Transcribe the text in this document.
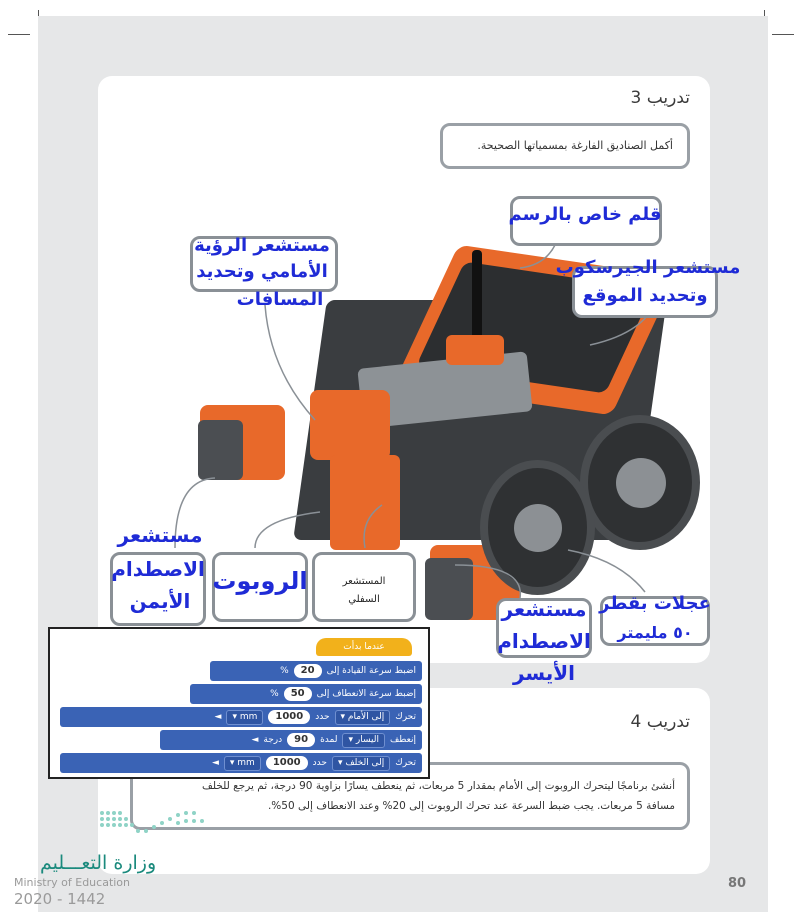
تدريب 3
أكمل الصناديق الفارغة بمسمياتها الصحيحة.
قلم خاص بالرسم
مستشعر الرؤية
الأمامي وتحديد
المسافات
مستشعر الجيرسكوب
وتحديد الموقع
مستشعر
الاصطدام
الأيمن
الروبوت	المستشعر
السفلي	مستشعر
الاصطدام
الأيسر
عجلات بقطر
٥٠ مليمتر
تدريب 4
أنشئ برنامجًا ليتحرك الروبوت إلى الأمام بمقدار 5 مربعات، ثم ينعطف يسارًا بزاوية 90 درجة، ثم يرجع للخلف
مسافة 5 مربعات. يجب ضبط السرعة عند تحرك الروبوت إلى 20% وعند الانعطاف إلى 50%.
عندما بدأت
اضبط سرعة القيادة إلى
20
%
إضبط سرعة الانعطاف إلى
50
%
تحرك
إلى الأمام ▾
حدد
1000
mm ▾
◄
إنعطف
اليسار ▾
لمدة
90
درجة
◄
تحرك
إلى الخلف ▾
حدد
1000
mm ▾
◄
وزارة التعـــليم
Ministry of Education
2020 - 1442
80
